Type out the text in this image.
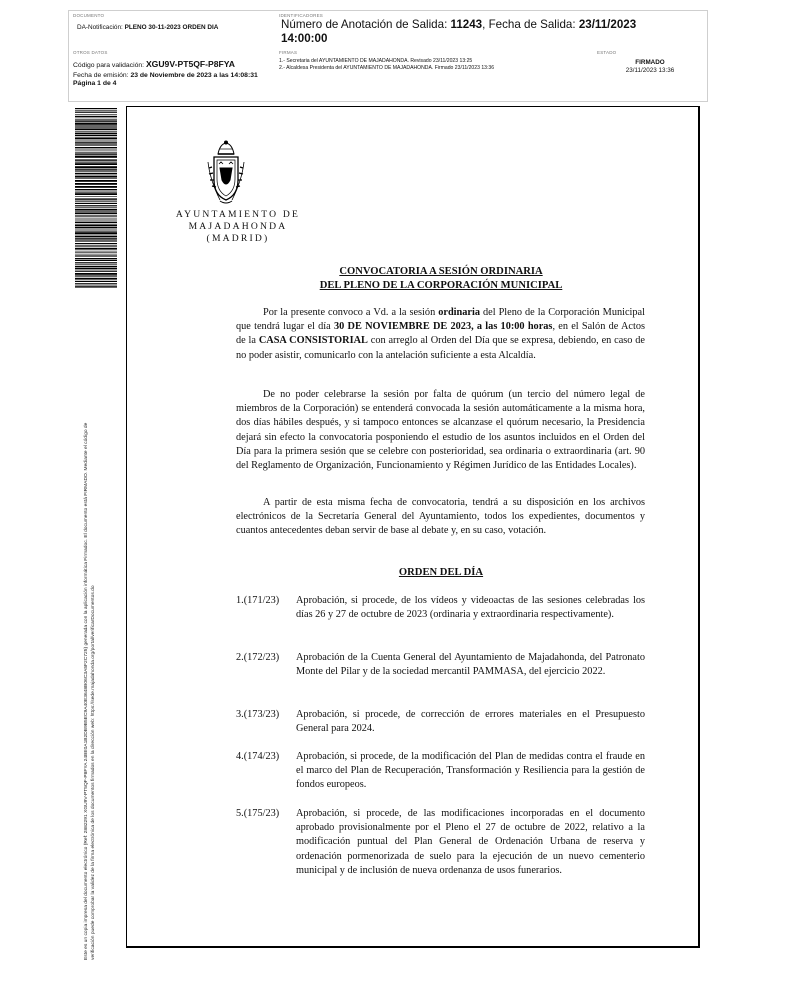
DOCUMENTO
DA-Notificación: PLENO 30-11-2023 ORDEN DIA
IDENTIFICADORES
Número de Anotación de Salida: 11243, Fecha de Salida: 23/11/2023
14:00:00
OTROS DATOS
Código para validación: XGU9V-PT5QF-P8FYA
Fecha de emisión: 23 de Noviembre de 2023 a las 14:08:31
Página 1 de 4
FIRMAS
1.- Secretaria del AYUNTAMIENTO DE MAJADAHONDA. Revisado 23/11/2023 13:25
2.- Alcaldesa Presidenta del AYUNTAMIENTO DE MAJADAHONDA. Firmado 23/11/2023 13:36
ESTADO
FIRMADO
23/11/2023 13:36
Este es un copia impresa del documento electrónico (Ref: 2882291 XGU9V-PT5QF-P8FYA 24BE0A1B2DB9B5EC9A40E3648B06C3A5F2C725) generada con la aplicación informática Firmadoc. El documento está FIRMADO. Mediante el código de verificación puede comprobar la validez de la firma electrónica de los documentos firmados en la dirección web: https://sede.majadahonda.org/portal/verificarDocumentos.do
AYUNTAMIENTO DE
MAJADAHONDA
(MADRID)
CONVOCATORIA A SESIÓN ORDINARIA
DEL PLENO DE LA CORPORACIÓN MUNICIPAL
Por la presente convoco a Vd. a la sesión ordinaria del Pleno de la Corporación Municipal que tendrá lugar el día 30 DE NOVIEMBRE DE 2023, a las 10:00 horas, en el Salón de Actos de la CASA CONSISTORIAL con arreglo al Orden del Día que se expresa, debiendo, en caso de no poder asistir, comunicarlo con la antelación suficiente a esta Alcaldía.
De no poder celebrarse la sesión por falta de quórum (un tercio del número legal de miembros de la Corporación) se entenderá convocada la sesión automáticamente a la misma hora, dos días hábiles después, y si tampoco entonces se alcanzase el quórum necesario, la Presidencia dejará sin efecto la convocatoria posponiendo el estudio de los asuntos incluidos en el Orden del Día para la primera sesión que se celebre con posterioridad, sea ordinaria o extraordinaria (art. 90 del Reglamento de Organización, Funcionamiento y Régimen Jurídico de las Entidades Locales).
A partir de esta misma fecha de convocatoria, tendrá a su disposición en los archivos electrónicos de la Secretaría General del Ayuntamiento, todos los expedientes, documentos y cuantos antecedentes deban servir de base al debate y, en su caso, votación.
ORDEN DEL DÍA
1.(171/23)	Aprobación, si procede, de los vídeos y videoactas de las sesiones celebradas los días 26 y 27 de octubre de 2023 (ordinaria y extraordinaria respectivamente).
2.(172/23)	Aprobación de la Cuenta General del Ayuntamiento de Majadahonda, del Patronato Monte del Pilar y de la sociedad mercantil PAMMASA, del ejercicio 2022.
3.(173/23)	Aprobación, si procede, de corrección de errores materiales en el Presupuesto General para 2024.
4.(174/23)	Aprobación, si procede, de la modificación del Plan de medidas contra el fraude en el marco del Plan de Recuperación, Transformación y Resiliencia para la gestión de fondos europeos.
5.(175/23)	Aprobación, si procede, de las modificaciones incorporadas en el documento aprobado provisionalmente por el Pleno el 27 de octubre de 2022, relativo a la modificación puntual del Plan General de Ordenación Urbana de reserva y ordenación pormenorizada de suelo para la ejecución de un nuevo cementerio municipal y de inclusión de nueva ordenanza de usos funerarios.
